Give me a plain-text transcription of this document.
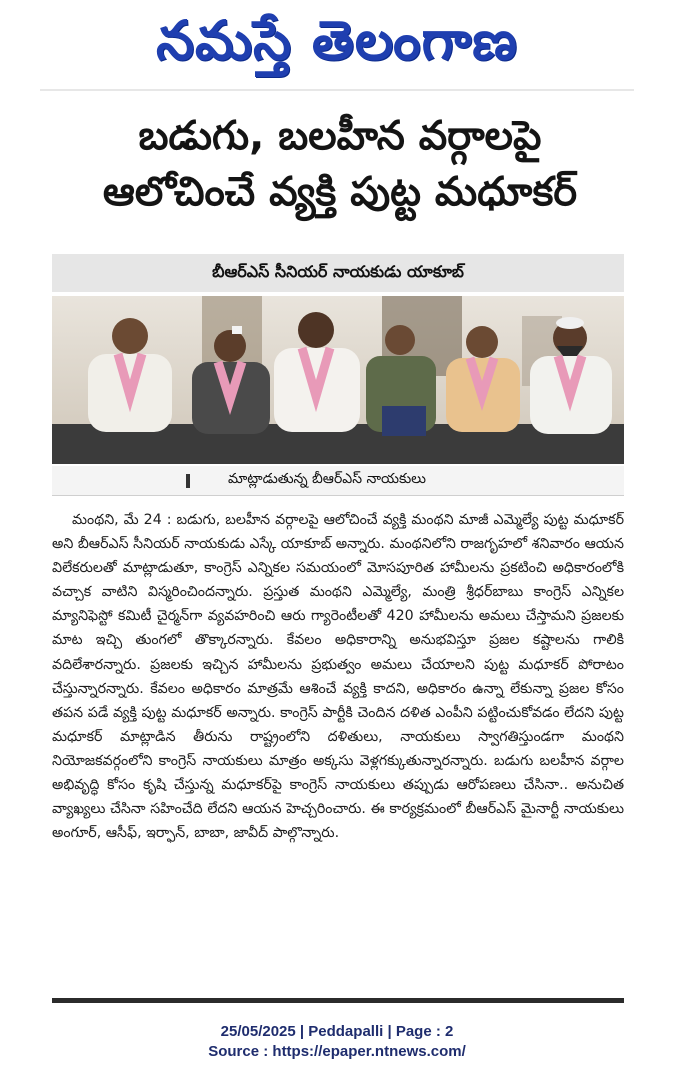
నమస్తే తెలంగాణ
బడుగు, బలహీన వర్గాలపై
ఆలోచించే వ్యక్తి పుట్ట మధూకర్
బీఆర్ఎస్ సీనియర్ నాయకుడు యాకూబ్
మాట్లాడుతున్న బీఆర్ఎస్ నాయకులు

మంథని, మే 24 : బడుగు, బలహీన వర్గాలపై ఆలోచించే వ్యక్తి మంథని మాజీ ఎమ్మెల్యే పుట్ట మధూకర్ అని బీఆర్ఎస్ సీనియర్ నాయకుడు ఎస్కే యాకూబ్ అన్నారు. మంథనిలోని రాజగృహలో శనివారం ఆయన విలేకరులతో మాట్లాడుతూ, కాంగ్రెస్ ఎన్నికల సమయంలో మోసపూరిత హామీలను ప్రకటించి అధికారంలోకి వచ్చాక వాటిని విస్మరించిందన్నారు. ప్రస్తుత మంథని ఎమ్మెల్యే, మంత్రి శ్రీధర్‌బాబు కాంగ్రెస్ ఎన్నికల మ్యానిఫెస్టో కమిటీ చైర్మన్‌గా వ్యవహరించి ఆరు గ్యారెంటీలతో 420 హామీలను అమలు చేస్తామని ప్రజలకు మాట ఇచ్చి తుంగలో తొక్కారన్నారు. కేవలం అధికారాన్ని అనుభవిస్తూ ప్రజల కష్టాలను గాలికి వదిలేశారన్నారు. ప్రజలకు ఇచ్చిన హామీలను ప్రభుత్వం అమలు చేయాలని పుట్ట మధూకర్ పోరాటం చేస్తున్నారన్నారు. కేవలం అధికారం మాత్రమే ఆశించే వ్యక్తి కాదని, అధికారం ఉన్నా లేకున్నా ప్రజల కోసం తపన పడే వ్యక్తి పుట్ట మధూకర్ అన్నారు. కాంగ్రెస్ పార్టీకి చెందిన దళిత ఎంపీని పట్టించుకోవడం లేదని పుట్ట మధూకర్ మాట్లాడిన తీరును రాష్ట్రంలోని దళితులు, నాయకులు స్వాగతిస్తుండగా మంథని నియోజకవర్గంలోని కాంగ్రెస్ నాయకులు మాత్రం అక్కసు వెళ్లగక్కుతున్నారన్నారు. బడుగు బలహీన వర్గాల అభివృద్ధి కోసం కృషి చేస్తున్న మధూకర్‌పై కాంగ్రెస్ నాయకులు తప్పుడు ఆరోపణలు చేసినా.. అనుచిత వ్యాఖ్యలు చేసినా సహించేది లేదని ఆయన హెచ్చరించారు. ఈ కార్యక్రమంలో బీఆర్ఎస్ మైనార్టీ నాయకులు అంగూర్, ఆసీఫ్, ఇర్ఫాన్, బాబా, జావీద్ పాల్గొన్నారు.

25/05/2025 | Peddapalli | Page : 2
Source : https://epaper.ntnews.com/
